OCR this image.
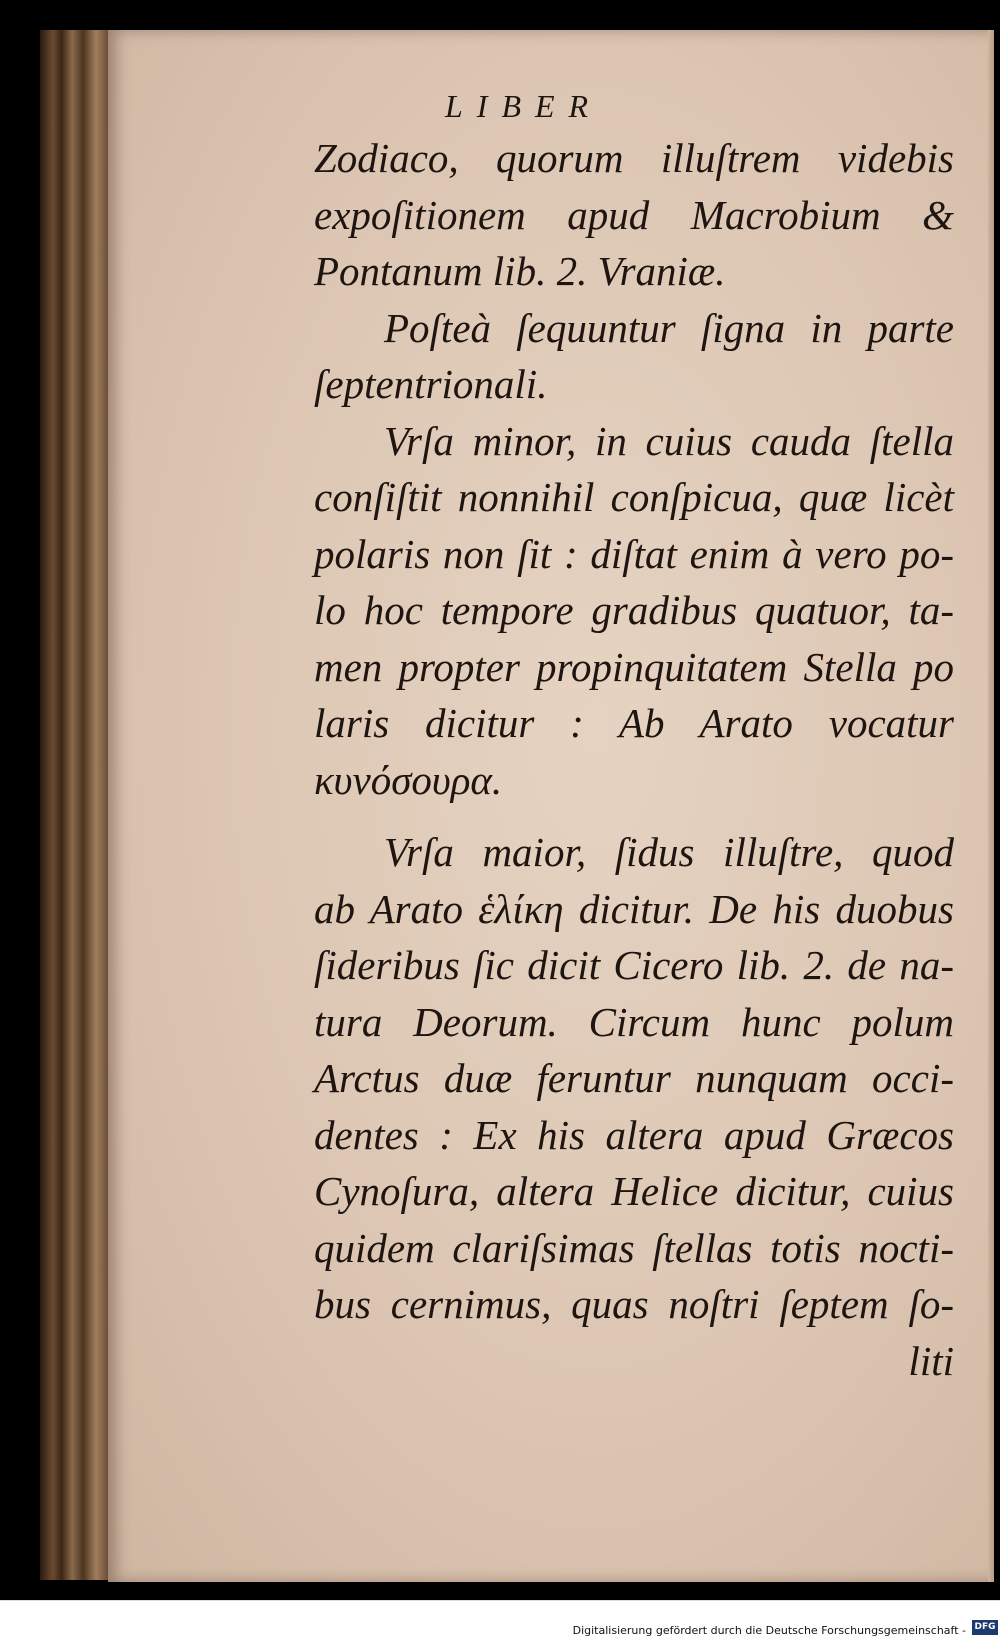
LIBER
Zodiaco, quorum illuſtrem videbis
expoſitionem apud Macrobium &
Pontanum lib. 2. Vraniæ.
Poſteà ſequuntur ſigna in parte
ſeptentrionali.
Vrſa minor, in cuius cauda ſtella
conſiſtit nonnihil conſpicua, quæ licèt
polaris non ſit : diſtat enim à vero po-
lo hoc tempore gradibus quatuor, ta-
men propter propinquitatem Stella po
laris dicitur : Ab Arato vocatur
κυνόσουρα.
Vrſa maior, ſidus illuſtre, quod
ab Arato ἑλίκη dicitur. De his duobus
ſideribus ſic dicit Cicero lib. 2. de na-
tura Deorum. Circum hunc polum
Arctus duæ feruntur nunquam occi-
dentes : Ex his altera apud Græcos
Cynoſura, altera Helice dicitur, cuius
quidem clariſsimas ſtellas totis nocti-
bus cernimus, quas noſtri ſeptem ſo-
liti
Digitalisierung gefördert durch die Deutsche Forschungsgemeinschaft - DFG
